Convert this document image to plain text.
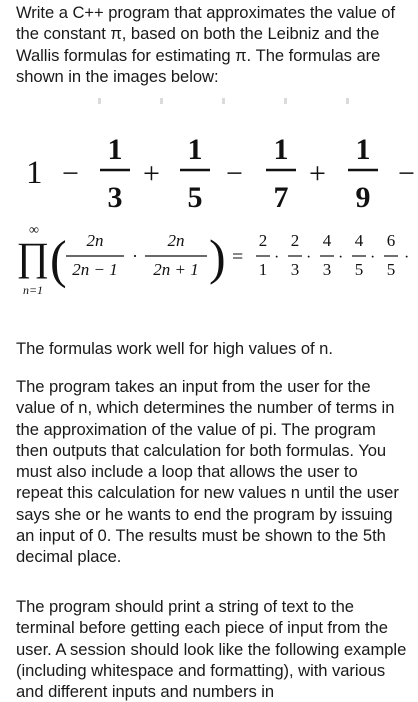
Write a C++ program that approximates the value of the constant π, based on both the Leibniz and the Wallis formulas for estimating π. The formulas are shown in the images below:

1 −
1
3
+
1
5
−
1
7
+
1
9
−
∞
∏
n=1
( 2n
2n − 1
·
2n
2n + 1 ) =
2
1
·
2
3
·
4
3
·
4
5
·
6
5
·

The formulas work well for high values of n.

The program takes an input from the user for the value of n, which determines the number of terms in the approximation of the value of pi. The program then outputs that calculation for both formulas. You must also include a loop that allows the user to repeat this calculation for new values n until the user says she or he wants to end the program by issuing an input of 0. The results must be shown to the 5th decimal place.

The program should print a string of text to the terminal before getting each piece of input from the user. A session should look like the following example (including whitespace and formatting), with various and different inputs and numbers in
